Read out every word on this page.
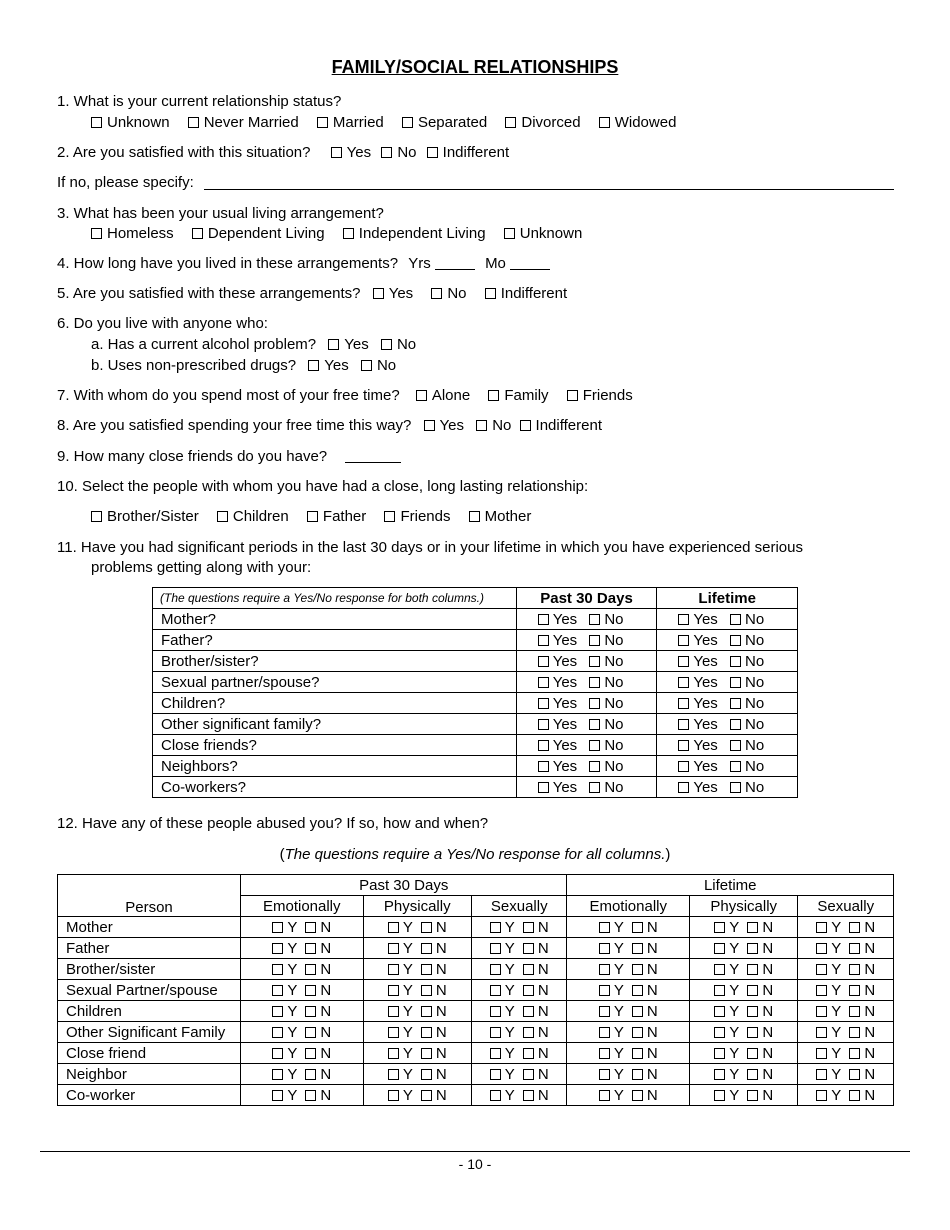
FAMILY/SOCIAL RELATIONSHIPS
1. What is your current relationship status?
Unknown Never Married Married Separated Divorced Widowed
2. Are you satisfied with this situation? Yes No Indifferent
If no, please specify:
3. What has been your usual living arrangement?
Homeless Dependent Living Independent Living Unknown
4. How long have you lived in these arrangements? Yrs	Mo
5. Are you satisfied with these arrangements? Yes No Indifferent
6. Do you live with anyone who:
a. Has a current alcohol problem? Yes No
b. Uses non-prescribed drugs? Yes No
7. With whom do you spend most of your free time? Alone Family Friends
8. Are you satisfied spending your free time this way? Yes No Indifferent
9. How many close friends do you have?
10. Select the people with whom you have had a close, long lasting relationship:
Brother/Sister Children Father Friends Mother
11. Have you had significant periods in the last 30 days or in your lifetime in which you have experienced serious
problems getting along with your:
(The questions require a Yes/No response for both columns.)	Past 30 Days	Lifetime
Mother?	Yes No	Yes No
Father?	Yes No	Yes No
Brother/sister?	Yes No	Yes No
Sexual partner/spouse?	Yes No	Yes No
Children?	Yes No	Yes No
Other significant family?	Yes No	Yes No
Close friends?	Yes No	Yes No
Neighbors?	Yes No	Yes No
Co-workers?	Yes No	Yes No
12. Have any of these people abused you? If so, how and when?
(The questions require a Yes/No response for all columns.)
Person	Past 30 Days			Lifetime		
	Emotionally	Physically	Sexually	Emotionally	Physically	Sexually
Mother	Y N	Y N	Y N	Y N	Y N	Y N
Father	Y N	Y N	Y N	Y N	Y N	Y N
Brother/sister	Y N	Y N	Y N	Y N	Y N	Y N
Sexual Partner/spouse	Y N	Y N	Y N	Y N	Y N	Y N
Children	Y N	Y N	Y N	Y N	Y N	Y N
Other Significant Family	Y N	Y N	Y N	Y N	Y N	Y N
Close friend	Y N	Y N	Y N	Y N	Y N	Y N
Neighbor	Y N	Y N	Y N	Y N	Y N	Y N
Co-worker	Y N	Y N	Y N	Y N	Y N	Y N
- 10 -
